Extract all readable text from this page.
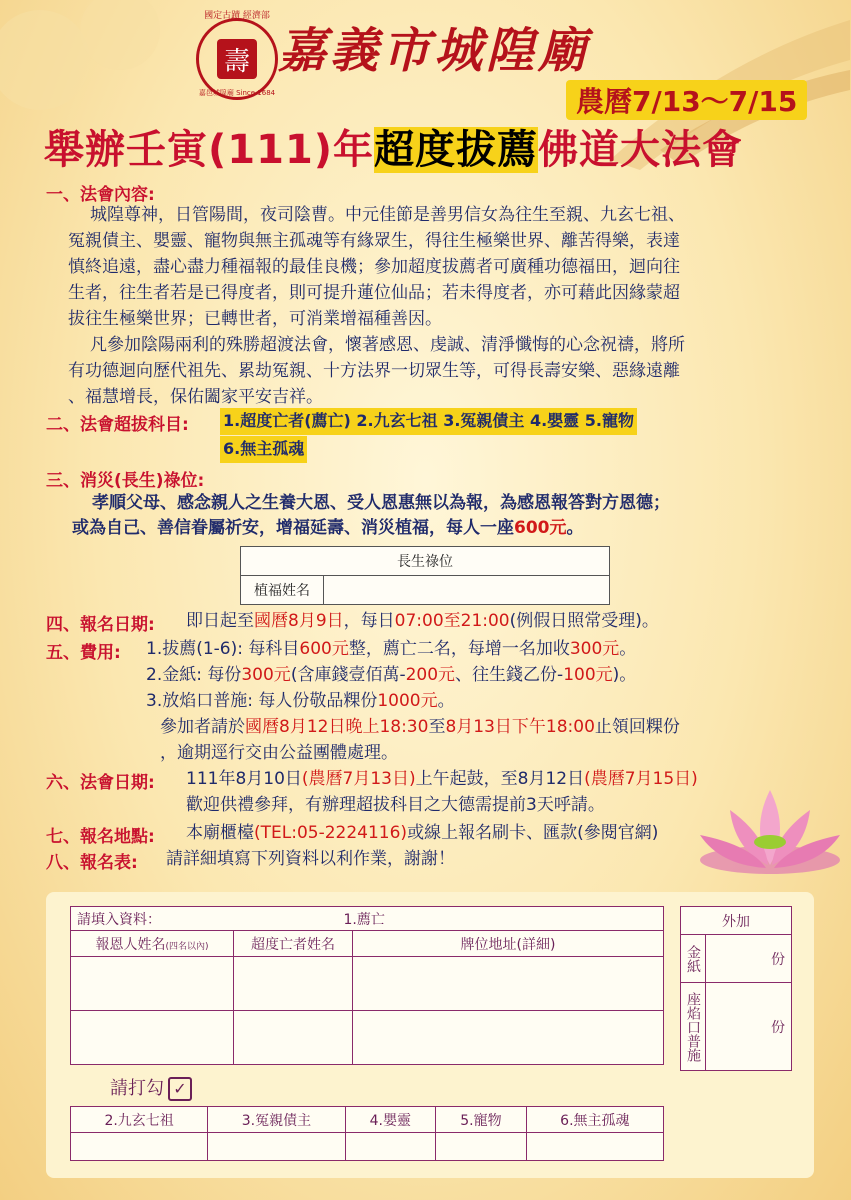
國定古蹟 經濟部
壽
嘉邑城隍廟 Since 1684
嘉義市城隍廟
農曆7/13～7/15
舉辦壬寅(111)年超度拔薦佛道大法會
一、法會內容:
城隍尊神，日管陽間，夜司陰曹。中元佳節是善男信女為往生至親、九玄七祖、
冤親債主、嬰靈、寵物與無主孤魂等有緣眾生，得往生極樂世界、離苦得樂，表達
慎終追遠，盡心盡力種福報的最佳良機；參加超度拔薦者可廣種功德福田，迴向往
生者，往生者若是已得度者，則可提升蓮位仙品；若未得度者，亦可藉此因緣蒙超
拔往生極樂世界；已轉世者，可消業增福種善因。
凡參加陰陽兩利的殊勝超渡法會，懷著感恩、虔誠、清淨懺悔的心念祝禱，將所
有功德迴向歷代祖先、累劫冤親、十方法界一切眾生等，可得長壽安樂、惡緣遠離
、福慧增長，保佑闔家平安吉祥。
二、法會超拔科目: 1.超度亡者(薦亡) 2.九玄七祖 3.冤親債主 4.嬰靈 5.寵物
6.無主孤魂
三、消災(長生)祿位:
孝順父母、感念親人之生養大恩、受人恩惠無以為報，為感恩報答對方恩德；
或為自己、善信眷屬祈安，增福延壽、消災植福，每人一座600元。
長生祿位
植福姓名	
四、報名日期: 即日起至國曆8月9日，每日07:00至21:00(例假日照常受理)。
五、費用: 1.拔薦(1-6): 每科目600元整，薦亡二名，每增一名加收300元。
2.金紙: 每份300元(含庫錢壹佰萬-200元、往生錢乙份-100元)。
3.放焰口普施: 每人份敬品粿份1000元。
參加者請於國曆8月12日晚上18:30至8月13日下午18:00止領回粿份
，逾期逕行交由公益團體處理。
六、法會日期: 111年8月10日(農曆7月13日)上午起鼓，至8月12日(農曆7月15日)
歡迎供禮參拜，有辦理超拔科目之大德需提前3天呼請。
七、報名地點: 本廟櫃檯(TEL:05-2224116)或線上報名刷卡、匯款(參閱官網)
八、報名表: 請詳細填寫下列資料以利作業，謝謝！
請填入資料：	1.薦亡	
報恩人姓名(四名以內)	超度亡者姓名	牌位地址(詳細)

外加	
金紙	份
座焰口普施	份
請打勾 ✓
2.九玄七祖	3.冤親債主	4.嬰靈	5.寵物	6.無主孤魂
